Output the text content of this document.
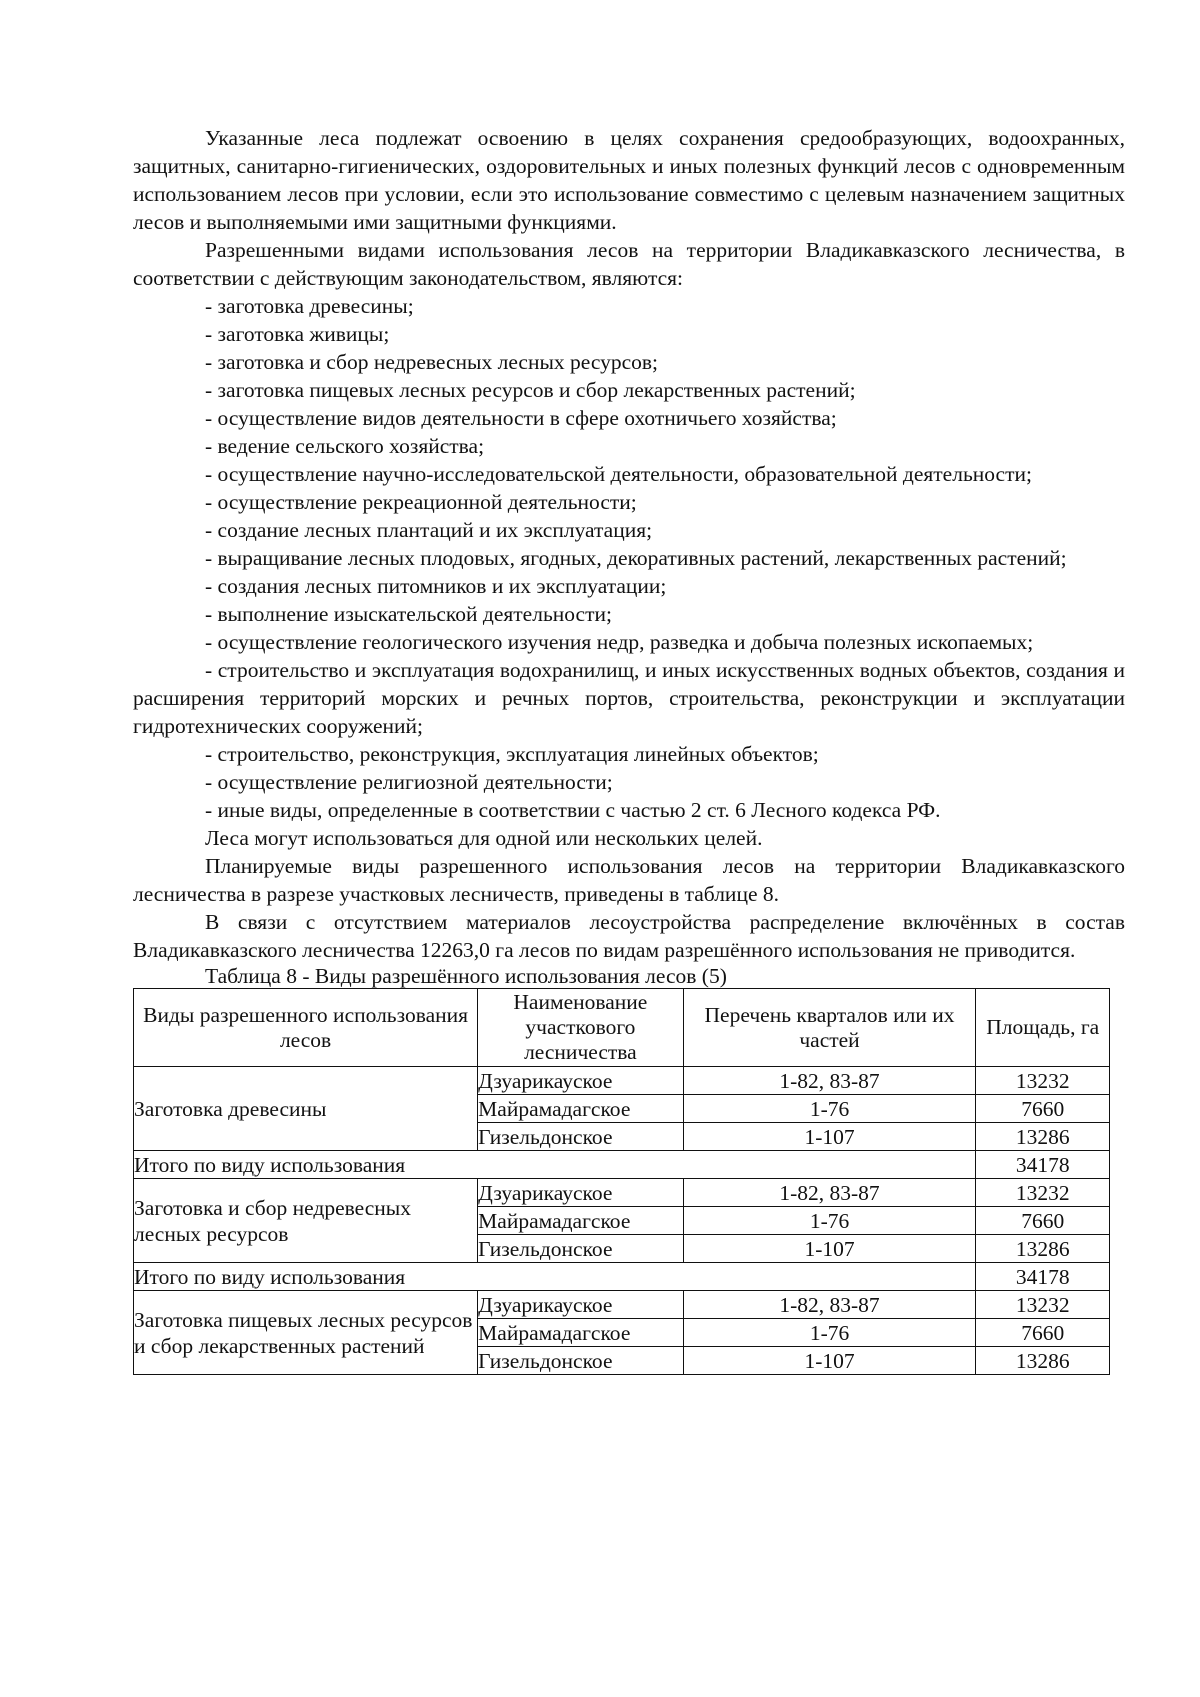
Указанные леса подлежат освоению в целях сохранения средообразующих, водоохранных, защитных, санитарно-гигиенических, оздоровительных и иных полезных функций лесов с одновременным использованием лесов при условии, если это использование совместимо с целевым назначением защитных лесов и выполняемыми ими защитными функциями.

Разрешенными видами использования лесов на территории Владикавказского лесничества, в соответствии с действующим законодательством, являются:

- заготовка древесины;

- заготовка живицы;

- заготовка и сбор недревесных лесных ресурсов;

- заготовка пищевых лесных ресурсов и сбор лекарственных растений;

- осуществление видов деятельности в сфере охотничьего хозяйства;

- ведение сельского хозяйства;

- осуществление научно-исследовательской деятельности, образовательной деятельности;

- осуществление рекреационной деятельности;

- создание лесных плантаций и их эксплуатация;

- выращивание лесных плодовых, ягодных, декоративных растений, лекарственных растений;

- создания лесных питомников и их эксплуатации;

- выполнение изыскательской деятельности;

- осуществление геологического изучения недр, разведка и добыча полезных ископаемых;

- строительство и эксплуатация водохранилищ, и иных искусственных водных объектов, создания и расширения территорий морских и речных портов, строительства, реконструкции и эксплуатации гидротехнических сооружений;

- строительство, реконструкция, эксплуатация линейных объектов;

- осуществление религиозной деятельности;

- иные виды, определенные в соответствии с частью 2 ст. 6 Лесного кодекса РФ.

Леса могут использоваться для одной или нескольких целей.

Планируемые виды разрешенного использования лесов на территории Владикавказского лесничества в разрезе участковых лесничеств, приведены в таблице 8.

В связи с отсутствием материалов лесоустройства распределение включённых в состав Владикавказского лесничества 12263,0 га лесов по видам разрешённого использования не приводится.

Таблица 8 - Виды разрешённого использования лесов (5)

Виды разрешенного использования лесов	Наименование участкового лесничества	Перечень кварталов или их частей	Площадь, га
Заготовка древесины	Дзуарикауское	1-82, 83-87	13232
	Майрамадагское	1-76	7660
	Гизельдонское	1-107	13286
Итого по виду использования			34178
Заготовка и сбор недревесных лесных ресурсов	Дзуарикауское	1-82, 83-87	13232
	Майрамадагское	1-76	7660
	Гизельдонское	1-107	13286
Итого по виду использования			34178
Заготовка пищевых лесных ресурсов и сбор лекарственных растений	Дзуарикауское	1-82, 83-87	13232
	Майрамадагское	1-76	7660
	Гизельдонское	1-107	13286
